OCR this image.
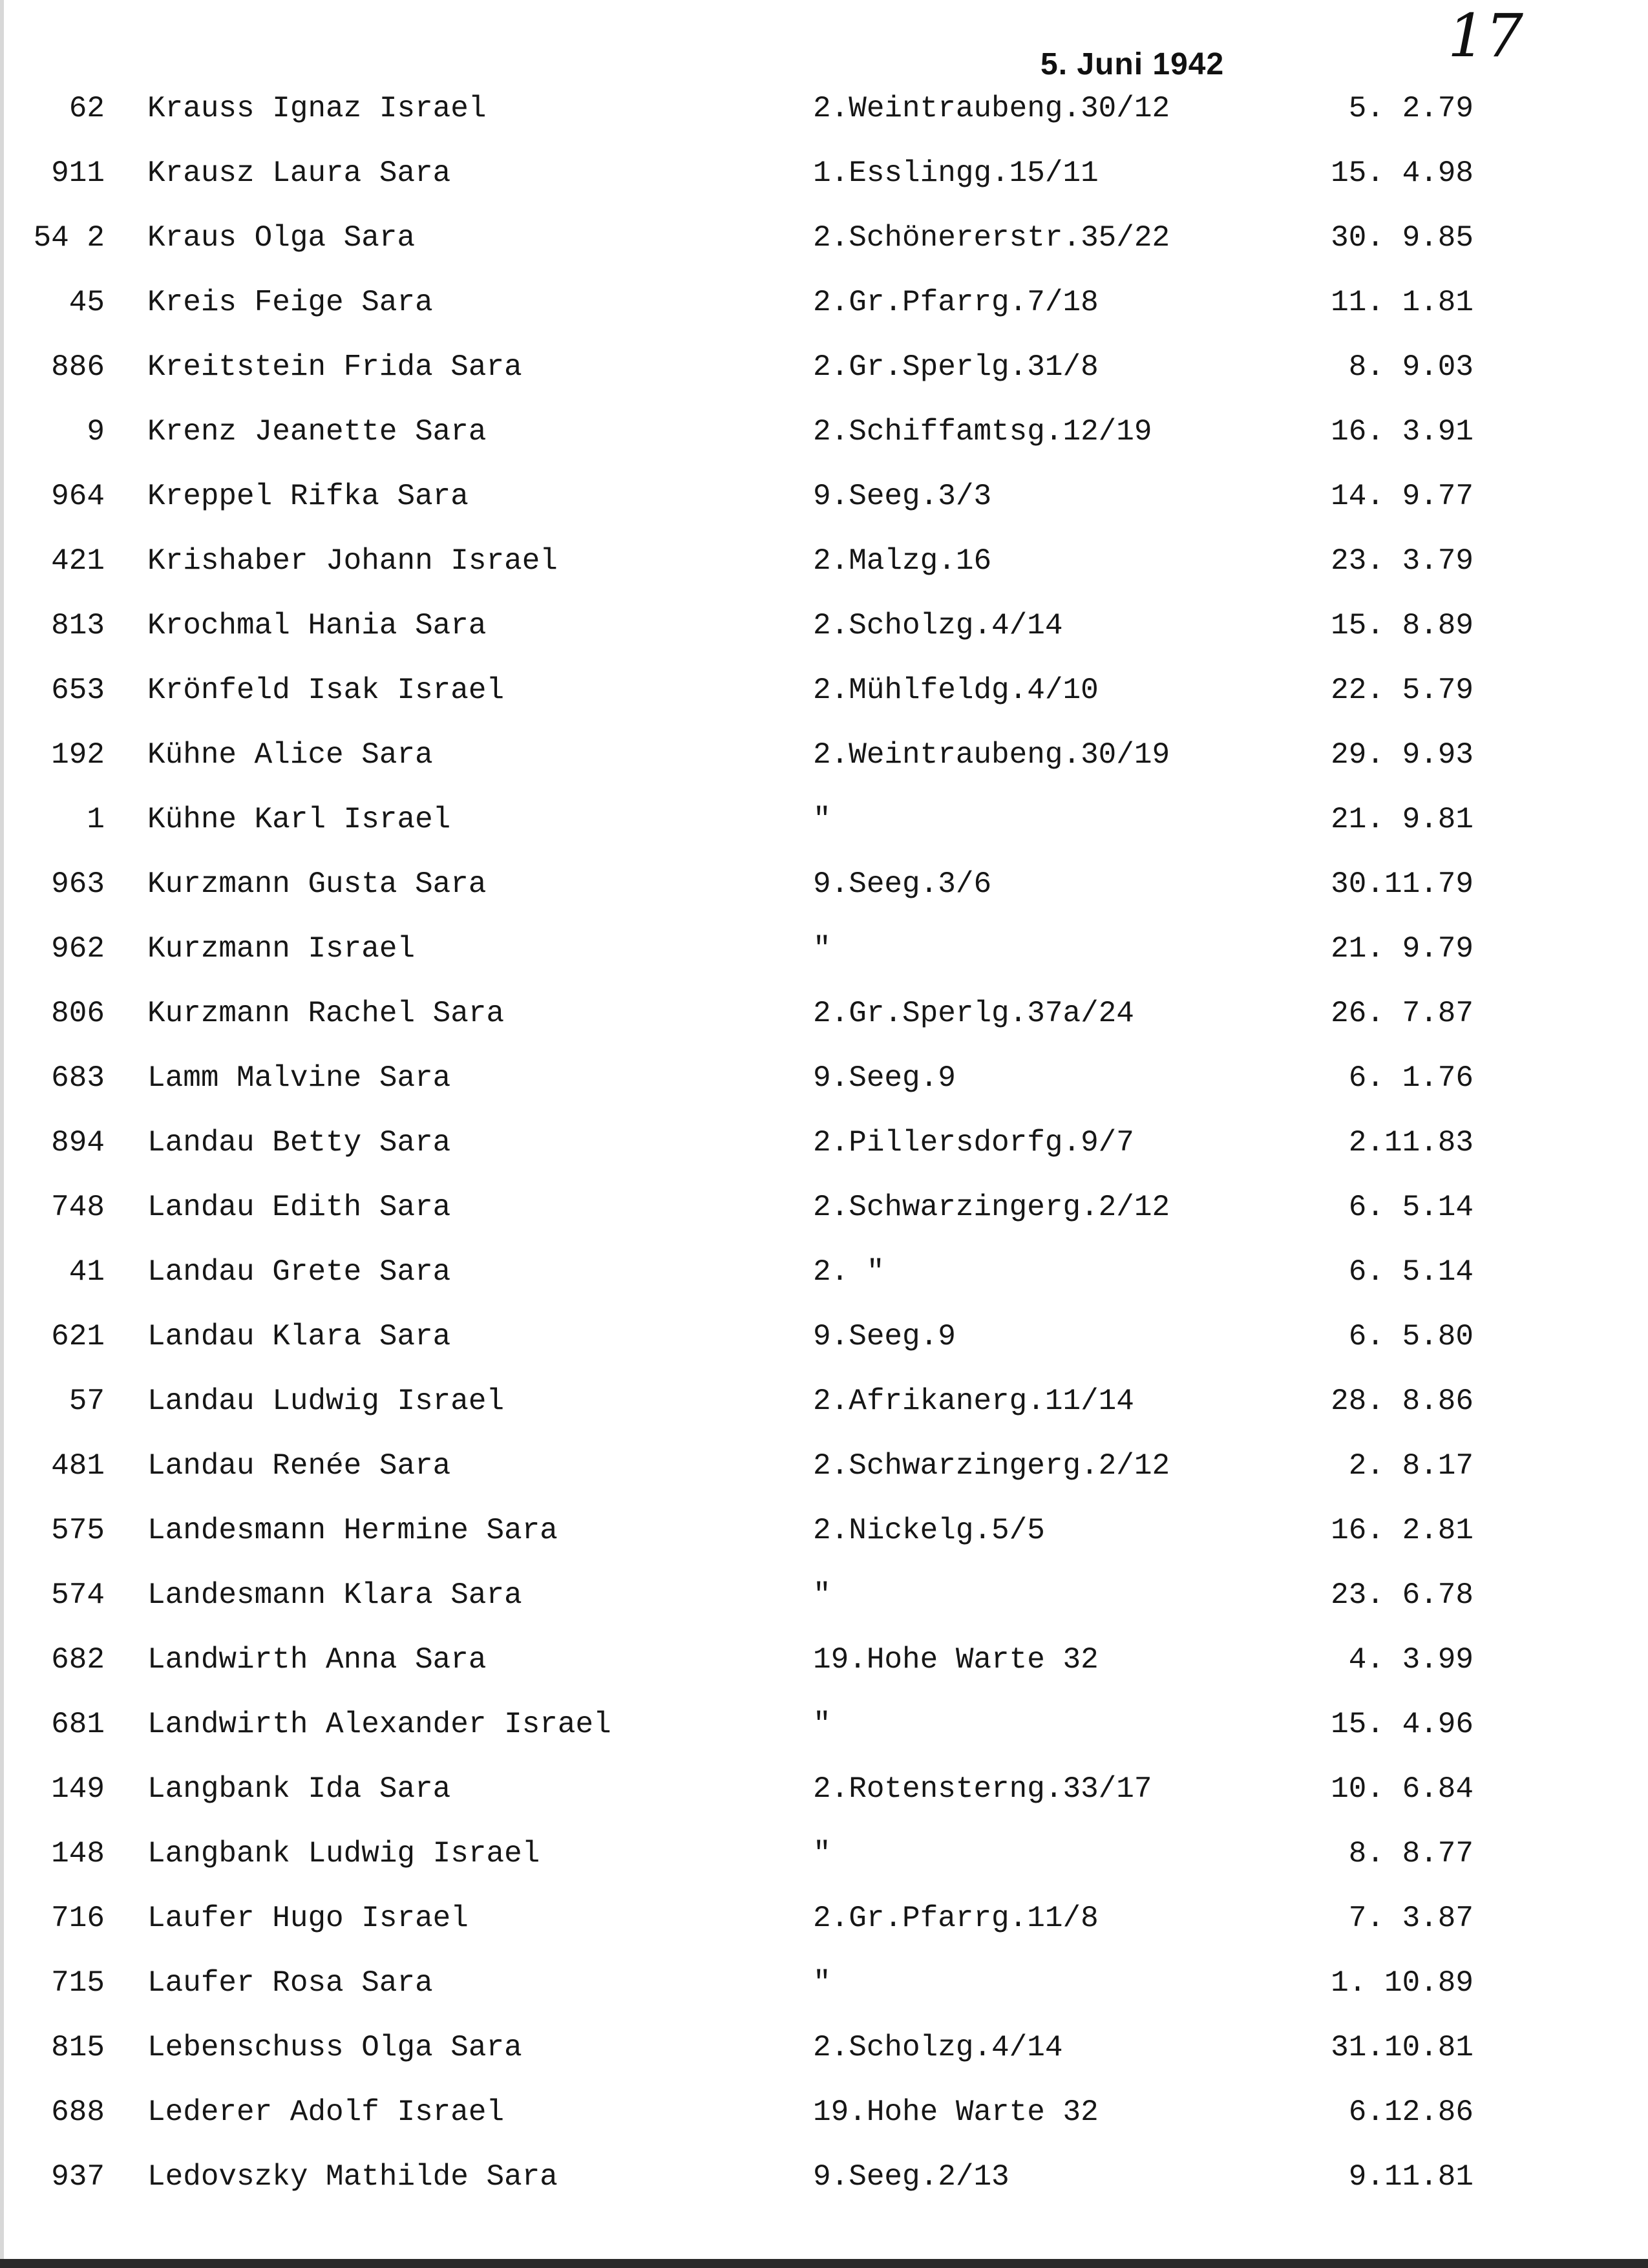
5. Juni 1942	17
62 Krauss Ignaz Israel	2.Weintraubeng.30/12	5. 2.79
911 Krausz Laura Sara	1.Esslingg.15/11	15. 4.98
54 2 Kraus Olga Sara	2.Schönererstr.35/22	30. 9.85
45 Kreis Feige Sara	2.Gr.Pfarrg.7/18	11. 1.81
886 Kreitstein Frida Sara	2.Gr.Sperlg.31/8	8. 9.03
9 Krenz Jeanette Sara	2.Schiffamtsg.12/19	16. 3.91
964 Kreppel Rifka Sara	9.Seeg.3/3	14. 9.77
421 Krishaber Johann Israel	2.Malzg.16	23. 3.79
813 Krochmal Hania Sara	2.Scholzg.4/14	15. 8.89
653 Krönfeld Isak Israel	2.Mühlfeldg.4/10	22. 5.79
192 Kühne Alice Sara	2.Weintraubeng.30/19	29. 9.93
1 Kühne Karl Israel	"	21. 9.81
963 Kurzmann Gusta Sara	9.Seeg.3/6	30.11.79
962 Kurzmann Israel	"	21. 9.79
806 Kurzmann Rachel Sara	2.Gr.Sperlg.37a/24	26. 7.87
683 Lamm Malvine Sara	9.Seeg.9	6. 1.76
894 Landau Betty Sara	2.Pillersdorfg.9/7	2.11.83
748 Landau Edith Sara	2.Schwarzingerg.2/12	6. 5.14
41 Landau Grete Sara	2. "	6. 5.14
621 Landau Klara Sara	9.Seeg.9	6. 5.80
57 Landau Ludwig Israel	2.Afrikanerg.11/14	28. 8.86
481 Landau Renée Sara	2.Schwarzingerg.2/12	2. 8.17
575 Landesmann Hermine Sara	2.Nickelg.5/5	16. 2.81
574 Landesmann Klara Sara	"	23. 6.78
682 Landwirth Anna Sara	19.Hohe Warte 32	4. 3.99
681 Landwirth Alexander Israel	"	15. 4.96
149 Langbank Ida Sara	2.Rotensterng.33/17	10. 6.84
148 Langbank Ludwig Israel	"	8. 8.77
716 Laufer Hugo Israel	2.Gr.Pfarrg.11/8	7. 3.87
715 Laufer Rosa Sara	"	1. 10.89
815 Lebenschuss Olga Sara	2.Scholzg.4/14	31.10.81
688 Lederer Adolf Israel	19.Hohe Warte 32	6.12.86
937 Ledovszky Mathilde Sara	9.Seeg.2/13	9.11.81
